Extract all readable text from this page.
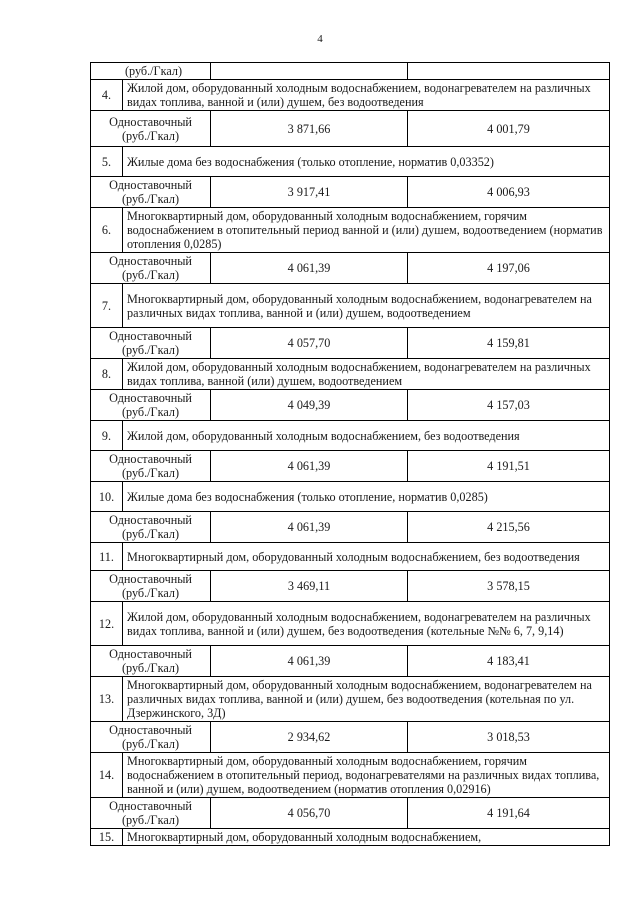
4
(руб./Гкал)			
4.	Жилой дом, оборудованный холодным водоснабжением, водонагревателем на различных видах топлива, ванной и (или) душем, без водоотведения		
Одноставочный
(руб./Гкал)		3 871,66	4 001,79
5.	Жилые дома без водоснабжения (только отопление, норматив 0,03352)		
Одноставочный
(руб./Гкал)		3 917,41	4 006,93
6.	Многоквартирный дом, оборудованный холодным водоснабжением, горячим водоснабжением в отопительный период ванной и (или) душем, водоотведением (норматив отопления 0,0285)		
Одноставочный
(руб./Гкал)		4 061,39	4 197,06
7.	Многоквартирный дом, оборудованный холодным водоснабжением, водонагревателем на различных видах топлива, ванной и (или) душем, водоотведением		
Одноставочный
(руб./Гкал)		4 057,70	4 159,81
8.	Жилой дом, оборудованный холодным водоснабжением, водонагревателем на различных видах топлива, ванной (или) душем, водоотведением		
Одноставочный
(руб./Гкал)		4 049,39	4 157,03
9.	Жилой дом, оборудованный холодным водоснабжением, без водоотведения		
Одноставочный
(руб./Гкал)		4 061,39	4 191,51
10.	Жилые дома без водоснабжения (только отопление, норматив 0,0285)		
Одноставочный
(руб./Гкал)		4 061,39	4 215,56
11.	Многоквартирный дом, оборудованный холодным водоснабжением, без водоотведения		
Одноставочный
(руб./Гкал)		3 469,11	3 578,15
12.	Жилой дом, оборудованный холодным водоснабжением, водонагревателем на различных видах топлива, ванной и (или) душем, без водоотведения (котельные №№ 6, 7, 9,14)		
Одноставочный
(руб./Гкал)		4 061,39	4 183,41
13.	Многоквартирный дом, оборудованный холодным водоснабжением, водонагревателем на различных видах топлива, ванной и (или) душем, без водоотведения (котельная по ул. Дзержинского, 3Д)		
Одноставочный
(руб./Гкал)		2 934,62	3 018,53
14.	Многоквартирный дом, оборудованный холодным водоснабжением, горячим водоснабжением в отопительный период, водонагревателями на различных видах топлива, ванной и (или) душем, водоотведением (норматив отопления 0,02916)		
Одноставочный
(руб./Гкал)		4 056,70	4 191,64
15.	Многоквартирный дом, оборудованный холодным водоснабжением,		
